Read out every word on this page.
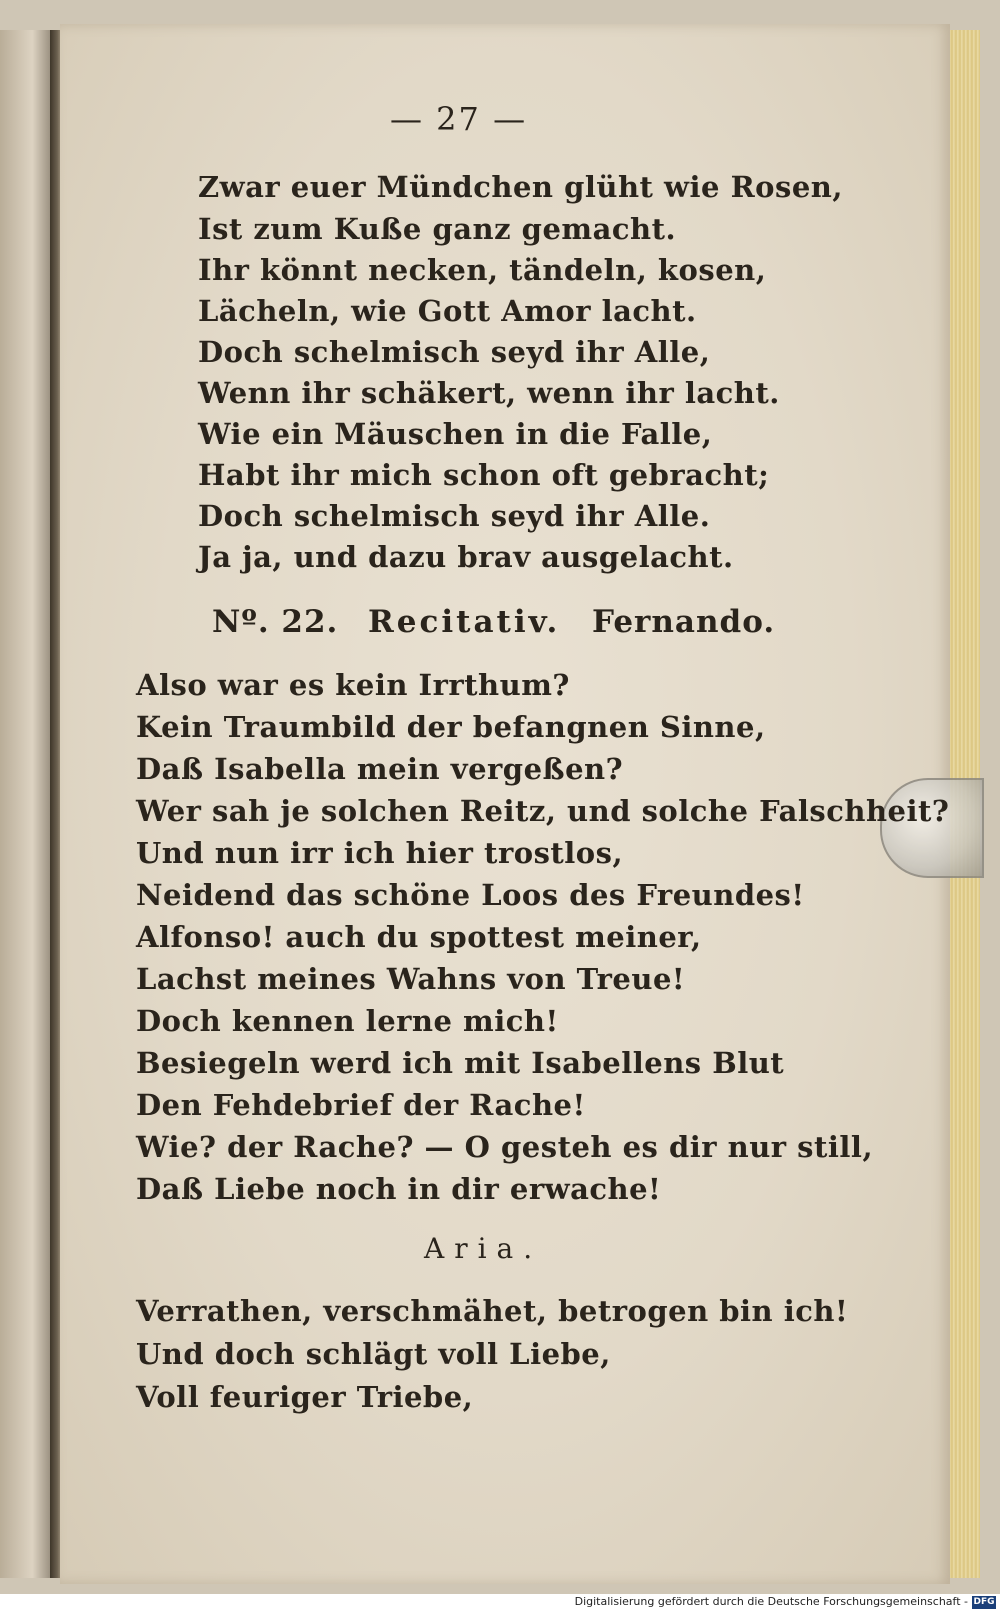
— 27 —
Zwar euer Mündchen glüht wie Rosen,
Ist zum Kuße ganz gemacht.
Ihr könnt necken, tändeln, kosen,
Lächeln, wie Gott Amor lacht.
Doch schelmisch seyd ihr Alle,
Wenn ihr schäkert, wenn ihr lacht.
Wie ein Mäuschen in die Falle,
Habt ihr mich schon oft gebracht;
Doch schelmisch seyd ihr Alle.
Ja ja, und dazu brav ausgelacht.
Nº. 22. Recitativ. Fernando.
Also war es kein Irrthum?
Kein Traumbild der befangnen Sinne,
Daß Isabella mein vergeßen?
Wer sah je solchen Reitz, und solche Falschheit?
Und nun irr ich hier trostlos,
Neidend das schöne Loos des Freundes!
Alfonso! auch du spottest meiner,
Lachst meines Wahns von Treue!
Doch kennen lerne mich!
Besiegeln werd ich mit Isabellens Blut
Den Fehdebrief der Rache!
Wie? der Rache? — O gesteh es dir nur still,
Daß Liebe noch in dir erwache!
Aria.
Verrathen, verschmähet, betrogen bin ich!
Und doch schlägt voll Liebe,
Voll feuriger Triebe,
Digitalisierung gefördert durch die Deutsche Forschungsgemeinschaft - DFG
